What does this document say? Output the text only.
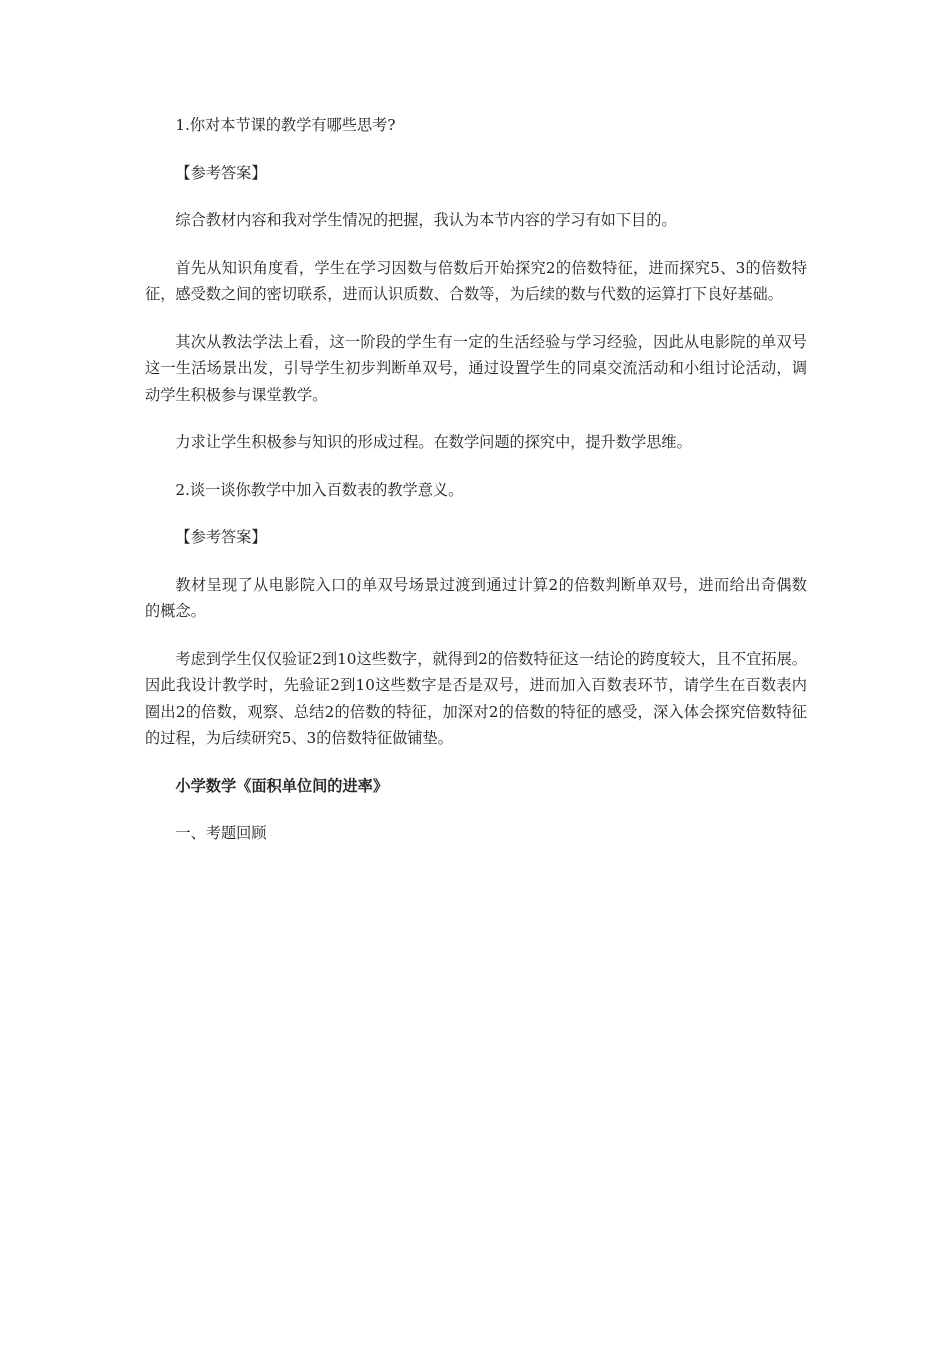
1.你对本节课的教学有哪些思考?

【参考答案】

综合教材内容和我对学生情况的把握，我认为本节内容的学习有如下目的。

首先从知识角度看，学生在学习因数与倍数后开始探究2的倍数特征，进而探究5、3的倍数特征，感受数之间的密切联系，进而认识质数、合数等，为后续的数与代数的运算打下良好基础。

其次从教法学法上看，这一阶段的学生有一定的生活经验与学习经验，因此从电影院的单双号这一生活场景出发，引导学生初步判断单双号，通过设置学生的同桌交流活动和小组讨论活动，调动学生积极参与课堂教学。

力求让学生积极参与知识的形成过程。在数学问题的探究中，提升数学思维。

2.谈一谈你教学中加入百数表的教学意义。

【参考答案】

教材呈现了从电影院入口的单双号场景过渡到通过计算2的倍数判断单双号，进而给出奇偶数的概念。

考虑到学生仅仅验证2到10这些数字，就得到2的倍数特征这一结论的跨度较大，且不宜拓展。因此我设计教学时，先验证2到10这些数字是否是双号，进而加入百数表环节，请学生在百数表内圈出2的倍数，观察、总结2的倍数的特征，加深对2的倍数的特征的感受，深入体会探究倍数特征的过程，为后续研究5、3的倍数特征做铺垫。

小学数学《面积单位间的进率》

一、考题回顾
